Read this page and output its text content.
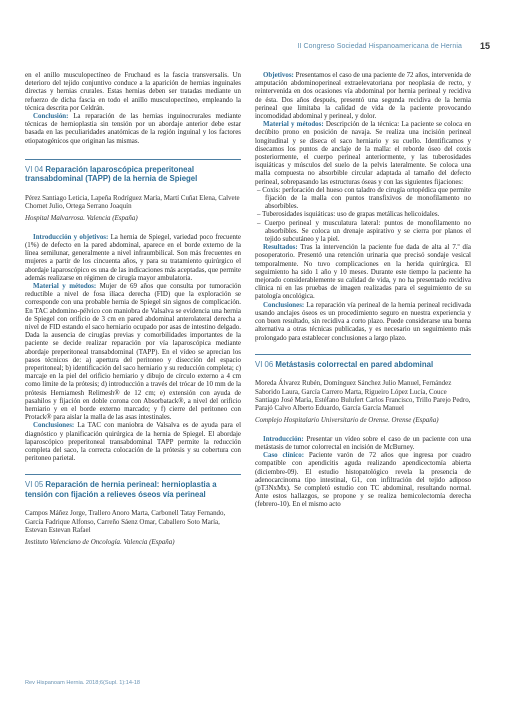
II Congreso Sociedad Hispanoamericana de Hernia 15

en el anillo musculopectíneo de Fruchaud es la fascia transversalis. Un deterioro del tejido conjuntivo conduce a la aparición de hernias inguinales directas y hernias crurales. Estas hernias deben ser tratadas mediante un refuerzo de dicha fascia en todo el anillo musculopectíneo, empleando la técnica descrita por Celdrán.

Conclusión: La reparación de las hernias inguinocrurales mediante técnicas de hernioplastia sin tensión por un abordaje anterior debe estar basada en las peculiaridades anatómicas de la región inguinal y los factores etiopatogénicos que originan las mismas.

VI 04 Reparación laparoscópica preperitoneal transabdominal (TAPP) de la hernia de Spiegel

Pérez Santiago Leticia, Lapeña Rodríguez María, Martí Cuñat Elena, Calvete Chornet Julio, Ortega Serrano Joaquín

Hospital Malvarrosa. Valencia (España)

Introducción y objetivos: La hernia de Spiegel, variedad poco frecuente (1%) de defecto en la pared abdominal, aparece en el borde externo de la línea semilunar, generalmente a nivel infraumbilical. Son más frecuentes en mujeres a partir de los cincuenta años, y para su tratamiento quirúrgico el abordaje laparoscópico es una de las indicaciones más aceptadas, que permite además realizarse en régimen de cirugía mayor ambulatoria.

Material y métodos: Mujer de 69 años que consulta por tumoración reductible a nivel de fosa ilíaca derecha (FID) que la exploración se corresponde con una probable hernia de Spiegel sin signos de complicación. En TAC abdomino-pélvico con maniobra de Valsalva se evidencia una hernia de Spiegel con orificio de 3 cm en pared abdominal anterolateral derecha a nivel de FID estando el saco herniario ocupado por asas de intestino delgado. Dada la ausencia de cirugías previas y comorbilidades importantes de la paciente se decide realizar reparación por vía laparoscópica mediante abordaje preperitoneal transabdominal (TAPP). En el vídeo se aprecian los pasos técnicos de: a) apertura del peritoneo y disección del espacio preperitoneal; b) identificación del saco herniario y su reducción completa; c) marcaje en la piel del orificio herniario y dibujo de círculo externo a 4 cm como límite de la prótesis; d) introducción a través del trócar de 10 mm de la prótesis Herniamesh Relimesh® de 12 cm; e) extensión con ayuda de pasahilos y fijación en doble corona con Absorbatack®, a nivel del orificio herniario y en el borde externo marcado; y f) cierre del peritoneo con Protack® para aislar la malla de las asas intestinales.

Conclusiones: La TAC con maniobra de Valsalva es de ayuda para el diagnóstico y planificación quirúrgica de la hernia de Spiegel. El abordaje laparoscópico preperitoneal transabdominal TAPP permite la reducción completa del saco, la correcta colocación de la prótesis y su cobertura con peritoneo parietal.

VI 05 Reparación de hernia perineal: hernioplastia a tensión con fijación a relieves óseos vía perineal

Campos Máñez Jorge, Trallero Anoro Marta, Carbonell Tatay Fernando, García Fadrique Alfonso, Carreño Sáenz Omar, Caballero Soto María, Estevan Estevan Rafael

Instituto Valenciano de Oncología. Valencia (España)

Objetivos: Presentamos el caso de una paciente de 72 años, intervenida de amputación abdominoperineal extraelevatoriana por neoplasia de recto, y reintervenida en dos ocasiones vía abdominal por hernia perineal y recidiva de ésta. Dos años después, presentó una segunda recidiva de la hernia perineal que limitaba la calidad de vida de la paciente provocando incomodidad abdominal y perineal, y dolor.

Material y métodos: Descripción de la técnica: La paciente se coloca en decúbito prono en posición de navaja. Se realiza una incisión perineal longitudinal y se diseca el saco herniario y su cuello. Identificamos y disecamos los puntos de anclaje de la malla: el reborde óseo del coxis posteriormente, el cuerpo perineal anteriormente, y las tuberosidades isquiáticas y músculos del suelo de la pelvis lateralmente. Se coloca una malla compuesta no absorbible circular adaptada al tamaño del defecto perineal, sobrepasando las estructuras óseas y con las siguientes fijaciones:

– Coxis: perforación del hueso con taladro de cirugía ortopédica que permite fijación de la malla con puntos transfixivos de monofilamento no absorbibles.
– Tuberosidades isquiáticas: uso de grapas metálicas helicoidales.
– Cuerpo perineal y musculatura lateral: puntos de monofilamento no absorbibles. Se coloca un drenaje aspirativo y se cierra por planos el tejido subcutáneo y la piel.

Resultados: Tras la intervención la paciente fue dada de alta al 7.º día posoperatorio. Presentó una retención urinaria que precisó sondaje vesical temporalmente. No tuvo complicaciones en la herida quirúrgica. El seguimiento ha sido 1 año y 10 meses. Durante este tiempo la paciente ha mejorado considerablemente su calidad de vida, y no ha presentado recidiva clínica ni en las pruebas de imagen realizadas para el seguimiento de su patología oncológica.

Conclusiones: La reparación vía perineal de la hernia perineal recidivada usando anclajes óseos es un procedimiento seguro en nuestra experiencia y con buen resultado, sin recidiva a corto plazo. Puede considerarse una buena alternativa a otras técnicas publicadas, y es necesario un seguimiento más prolongado para establecer conclusiones a largo plazo.

VI 06 Metástasis colorrectal en pared abdominal

Moreda Álvarez Rubén, Domínguez Sánchez Julio Manuel, Fernández Saborido Laura, García Carrero Marta, Rigueiro López Lucía, Couce Santiago José María, Estéfano Bulufert Carlos Francisco, Trillo Parejo Pedro, Parajó Calvo Alberto Eduardo, García García Manuel

Complejo Hospitalario Universitario de Orense. Orense (España)

Introducción: Presentar un vídeo sobre el caso de un paciente con una metástasis de tumor colorrectal en incisión de McBurney.

Caso clínico: Paciente varón de 72 años que ingresa por cuadro compatible con apendicitis aguda realizando apendicectomía abierta (diciembre-09). El estudio histopatológico revela la presencia de adenocarcinoma tipo intestinal, G1, con infiltración del tejido adiposo (pT3NxMx). Se completó estudio con TC abdominal, resultando normal. Ante estos hallazgos, se propone y se realiza hemicolectomía derecha (febrero-10). En el mismo acto

Rev Hispanoam Hernia. 2018;6(Supl. 1):14-18
